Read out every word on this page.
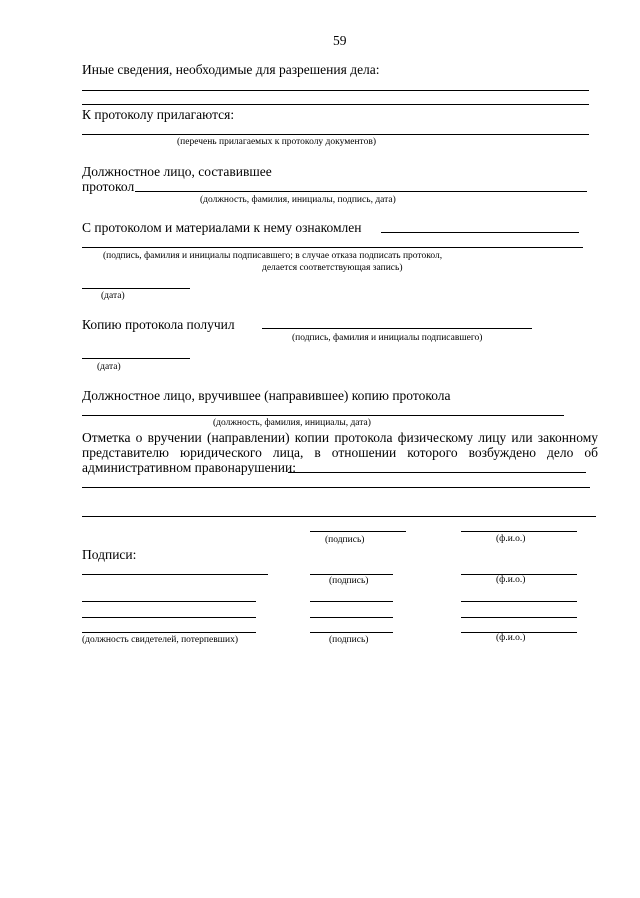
59
Иные сведения, необходимые для разрешения дела:
К протоколу прилагаются:
(перечень прилагаемых к протоколу документов)
Должностное лицо, составившее
протокол
(должность, фамилия, инициалы, подпись, дата)
С протоколом и материалами к нему ознакомлен
(подпись, фамилия и инициалы подписавшего; в случае отказа подписать протокол,
делается соответствующая запись)
(дата)
Копию протокола получил
(подпись, фамилия и инициалы подписавшего)
(дата)
Должностное лицо, вручившее (направившее) копию протокола
(должность, фамилия, инициалы, дата)
Отметка о вручении (направлении) копии протокола физическому лицу или законному
представителю юридического лица, в отношении которого возбуждено дело об
административном правонарушении:
(подпись)	(ф.и.о.)
Подписи:
(подпись)	(ф.и.о.)
(должность свидетелей, потерпевших)	(подпись)	(ф.и.о.)
